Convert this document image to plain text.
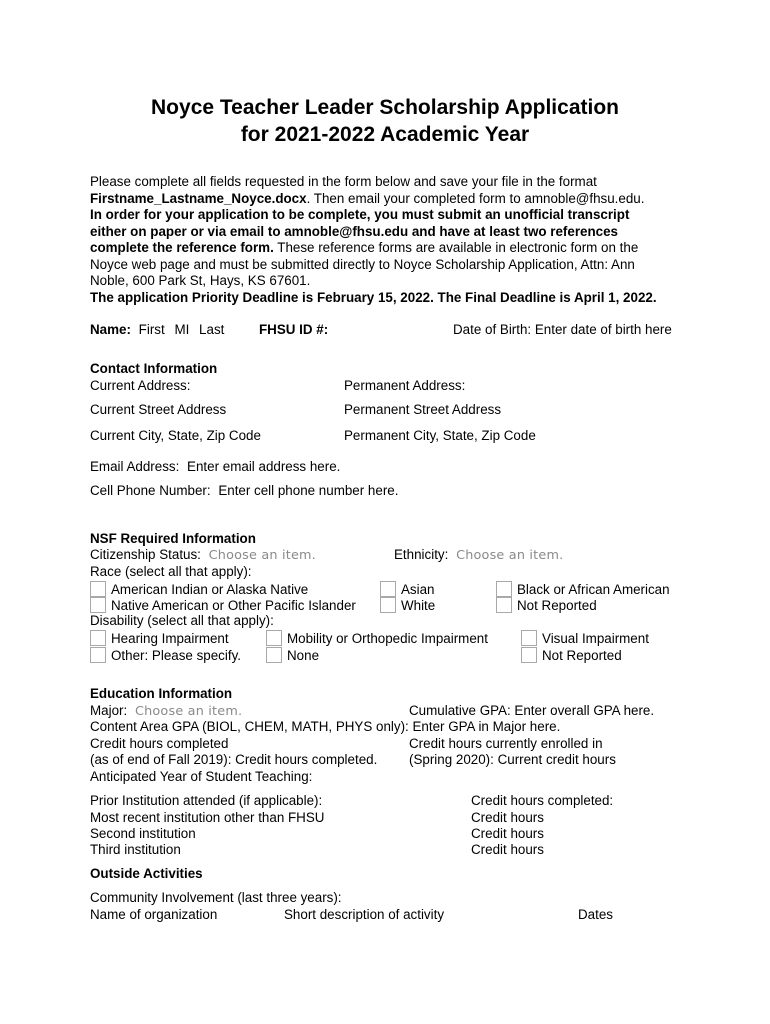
Noyce Teacher Leader Scholarship Application
for 2021-2022 Academic Year
Please complete all fields requested in the form below and save your file in the format
Firstname_Lastname_Noyce.docx. Then email your completed form to amnoble@fhsu.edu.
In order for your application to be complete, you must submit an unofficial transcript
either on paper or via email to amnoble@fhsu.edu and have at least two references
complete the reference form. These reference forms are available in electronic form on the
Noyce web page and must be submitted directly to Noyce Scholarship Application, Attn: Ann
Noble, 600 Park St, Hays, KS 67601.
The application Priority Deadline is February 15, 2022. The Final Deadline is April 1, 2022.
Name: First MI Last	FHSU ID #:	Date of Birth: Enter date of birth here
Contact Information
Current Address:	Permanent Address:
Current Street Address	Permanent Street Address
Current City, State, Zip Code	Permanent City, State, Zip Code
Email Address: Enter email address here.
Cell Phone Number: Enter cell phone number here.
NSF Required Information
Citizenship Status: Choose an item.	Ethnicity: Choose an item.
Race (select all that apply):
American Indian or Alaska Native	Asian	Black or African American
Native American or Other Pacific Islander	White	Not Reported
Disability (select all that apply):
Hearing Impairment	Mobility or Orthopedic Impairment	Visual Impairment
Other: Please specify.	None	Not Reported
Education Information
Major: Choose an item.	Cumulative GPA: Enter overall GPA here.
Content Area GPA (BIOL, CHEM, MATH, PHYS only): Enter GPA in Major here.
Credit hours completed	Credit hours currently enrolled in
(as of end of Fall 2019): Credit hours completed. (Spring 2020): Current credit hours
Anticipated Year of Student Teaching:
Prior Institution attended (if applicable):	Credit hours completed:
Most recent institution other than FHSU	Credit hours
Second institution	Credit hours
Third institution	Credit hours
Outside Activities
Community Involvement (last three years):
Name of organization	Short description of activity	Dates
